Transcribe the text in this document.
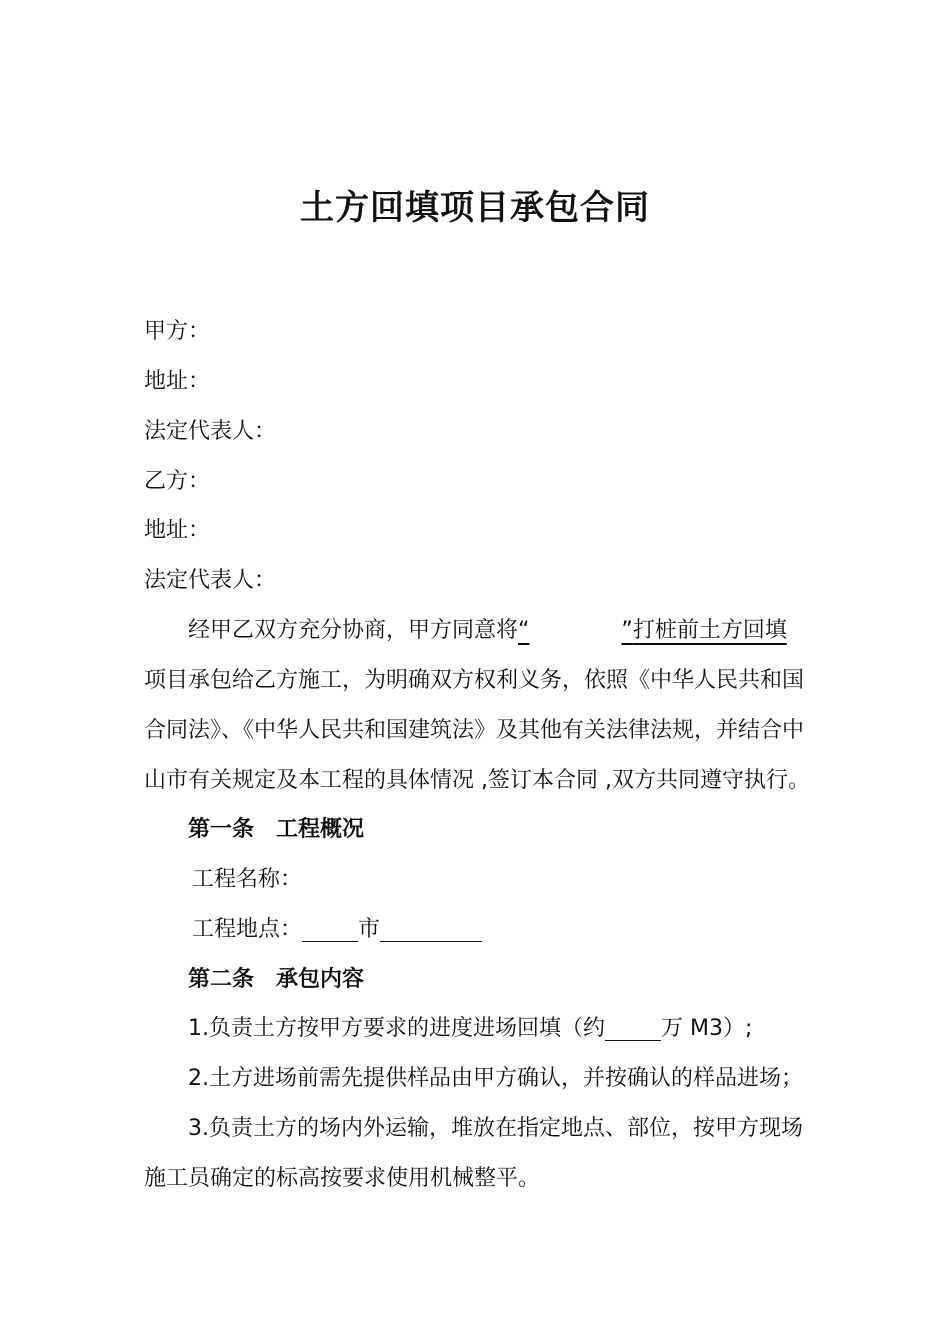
土方回填项目承包合同
甲方：
地址：
法定代表人：
乙方：
地址：
法定代表人：
经甲乙双方充分协商，甲方同意将“	”打桩前土方回填
项目承包给乙方施工，为明确双方权利义务，依照《中华人民共和国
合同法》、《中华人民共和国建筑法》及其他有关法律法规，并结合中
山市有关规定及本工程的具体情况 ,签订本合同 ,双方共同遵守执行。
第一条　工程概况
工程名称：
工程地点：	市
第二条　承包内容
1.负责土方按甲方要求的进度进场回填（约	万 M3）;
2.土方进场前需先提供样品由甲方确认，并按确认的样品进场；
3.负责土方的场内外运输，堆放在指定地点、部位，按甲方现场
施工员确定的标高按要求使用机械整平。
